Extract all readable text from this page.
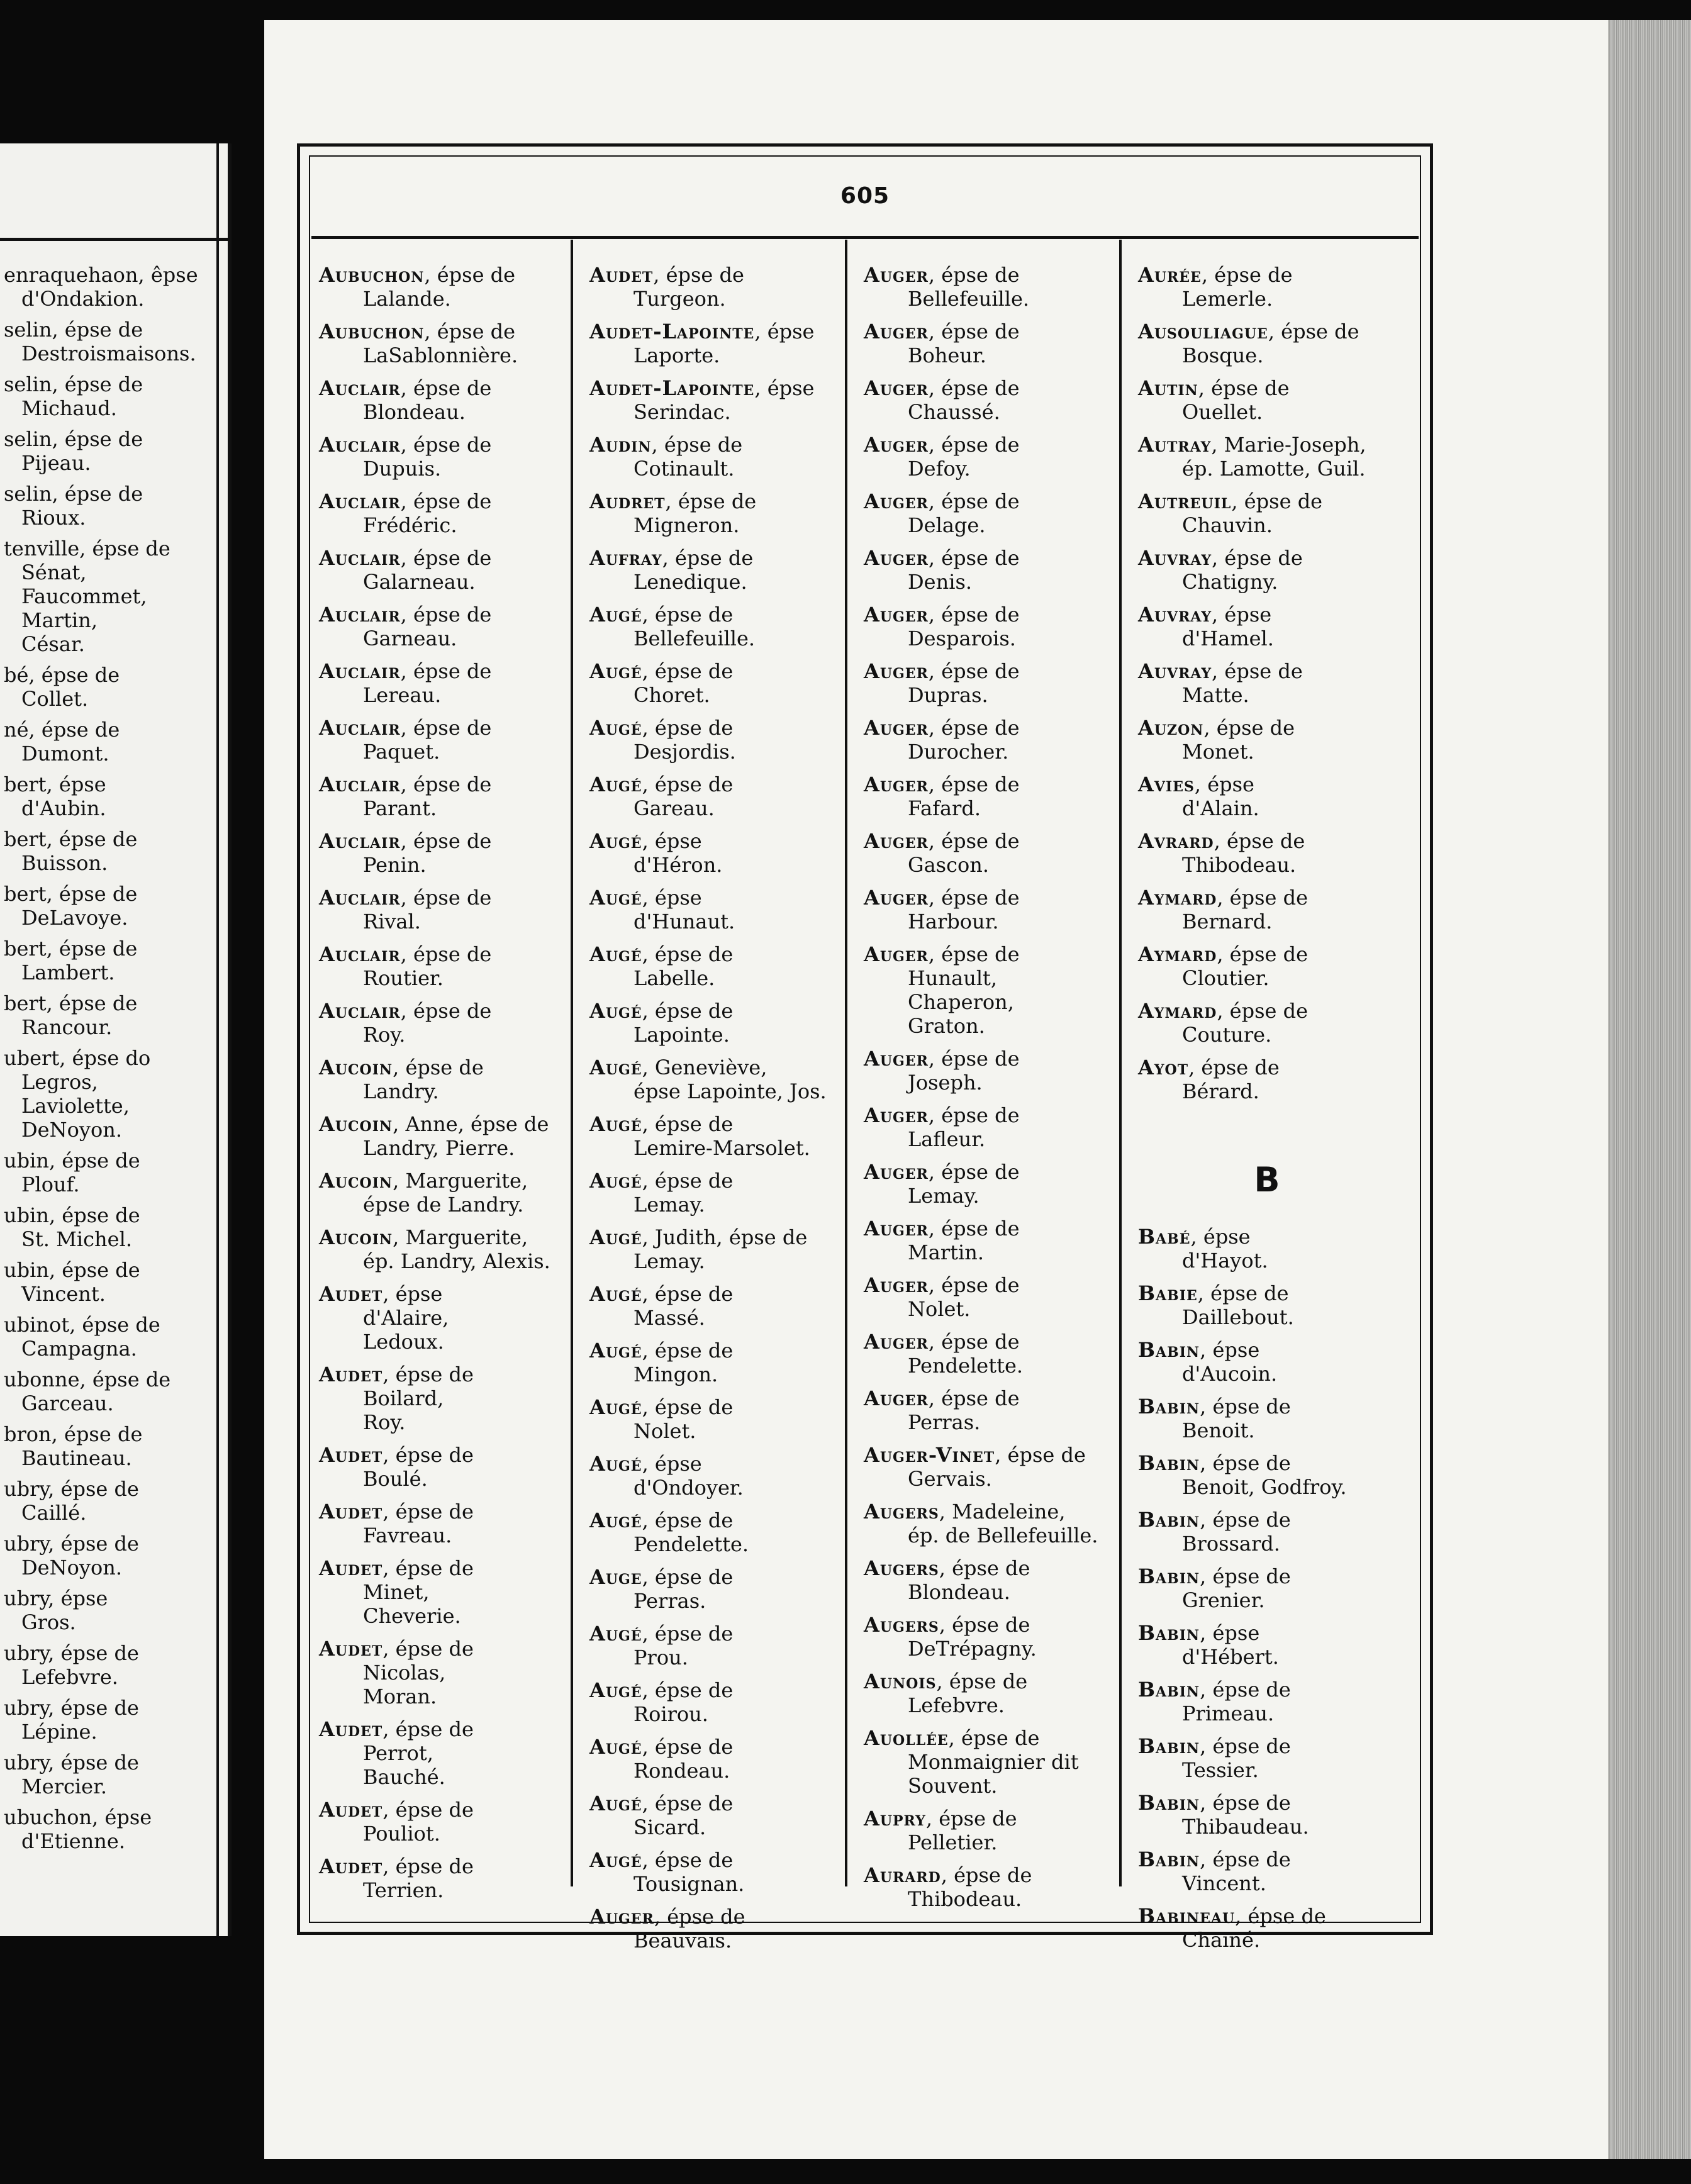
enraquehaon, êpse
d'Ondakion.
selin, épse de
Destroismaisons.
selin, épse de
Michaud.
selin, épse de
Pijeau.
selin, épse de
Rioux.
tenville, épse de
Sénat,
Faucommet,
Martin,
César.
bé, épse de
Collet.
né, épse de
Dumont.
bert, épse
d'Aubin.
bert, épse de
Buisson.
bert, épse de
DeLavoye.
bert, épse de
Lambert.
bert, épse de
Rancour.
ubert, épse do
Legros,
Laviolette,
DeNoyon.
ubin, épse de
Plouf.
ubin, épse de
St. Michel.
ubin, épse de
Vincent.
ubinot, épse de
Campagna.
ubonne, épse de
Garceau.
bron, épse de
Bautineau.
ubry, épse de
Caillé.
ubry, épse de
DeNoyon.
ubry, épse
Gros.
ubry, épse de
Lefebvre.
ubry, épse de
Lépine.
ubry, épse de
Mercier.
ubuchon, épse
d'Etienne.
605
Aubuchon, épse de
Lalande.
Aubuchon, épse de
LaSablonnière.
Auclair, épse de
Blondeau.
Auclair, épse de
Dupuis.
Auclair, épse de
Frédéric.
Auclair, épse de
Galarneau.
Auclair, épse de
Garneau.
Auclair, épse de
Lereau.
Auclair, épse de
Paquet.
Auclair, épse de
Parant.
Auclair, épse de
Penin.
Auclair, épse de
Rival.
Auclair, épse de
Routier.
Auclair, épse de
Roy.
Aucoin, épse de
Landry.
Aucoin, Anne, épse de
Landry, Pierre.
Aucoin, Marguerite,
épse de Landry.
Aucoin, Marguerite,
ép. Landry, Alexis.
Audet, épse
d'Alaire,
Ledoux.
Audet, épse de
Boilard,
Roy.
Audet, épse de
Boulé.
Audet, épse de
Favreau.
Audet, épse de
Minet,
Cheverie.
Audet, épse de
Nicolas,
Moran.
Audet, épse de
Perrot,
Bauché.
Audet, épse de
Pouliot.
Audet, épse de
Terrien.
Audet, épse de
Turgeon.
Audet-Lapointe, épse
Laporte.
Audet-Lapointe, épse
Serindac.
Audin, épse de
Cotinault.
Audret, épse de
Migneron.
Aufray, épse de
Lenedique.
Augé, épse de
Bellefeuille.
Augé, épse de
Choret.
Augé, épse de
Desjordis.
Augé, épse de
Gareau.
Augé, épse
d'Héron.
Augé, épse
d'Hunaut.
Augé, épse de
Labelle.
Augé, épse de
Lapointe.
Augé, Geneviève,
épse Lapointe, Jos.
Augé, épse de
Lemire-Marsolet.
Augé, épse de
Lemay.
Augé, Judith, épse de
Lemay.
Augé, épse de
Massé.
Augé, épse de
Mingon.
Augé, épse de
Nolet.
Augé, épse
d'Ondoyer.
Augé, épse de
Pendelette.
Auge, épse de
Perras.
Augé, épse de
Prou.
Augé, épse de
Roirou.
Augé, épse de
Rondeau.
Augé, épse de
Sicard.
Augé, épse de
Tousignan.
Auger, épse de
Beauvais.
Auger, épse de
Bellefeuille.
Auger, épse de
Boheur.
Auger, épse de
Chaussé.
Auger, épse de
Defoy.
Auger, épse de
Delage.
Auger, épse de
Denis.
Auger, épse de
Desparois.
Auger, épse de
Dupras.
Auger, épse de
Durocher.
Auger, épse de
Fafard.
Auger, épse de
Gascon.
Auger, épse de
Harbour.
Auger, épse de
Hunault,
Chaperon,
Graton.
Auger, épse de
Joseph.
Auger, épse de
Lafleur.
Auger, épse de
Lemay.
Auger, épse de
Martin.
Auger, épse de
Nolet.
Auger, épse de
Pendelette.
Auger, épse de
Perras.
Auger-Vinet, épse de
Gervais.
Augers, Madeleine,
ép. de Bellefeuille.
Augers, épse de
Blondeau.
Augers, épse de
DeTrépagny.
Aunois, épse de
Lefebvre.
Auollée, épse de
Monmaignier dit
Souvent.
Aupry, épse de
Pelletier.
Aurard, épse de
Thibodeau.
Aurée, épse de
Lemerle.
Ausouliague, épse de
Bosque.
Autin, épse de
Ouellet.
Autray, Marie-Joseph,
ép. Lamotte, Guil.
Autreuil, épse de
Chauvin.
Auvray, épse de
Chatigny.
Auvray, épse
d'Hamel.
Auvray, épse de
Matte.
Auzon, épse de
Monet.
Avies, épse
d'Alain.
Avrard, épse de
Thibodeau.
Aymard, épse de
Bernard.
Aymard, épse de
Cloutier.
Aymard, épse de
Couture.
Ayot, épse de
Bérard.
B
Babé, épse
d'Hayot.
Babie, épse de
Daillebout.
Babin, épse
d'Aucoin.
Babin, épse de
Benoit.
Babin, épse de
Benoit, Godfroy.
Babin, épse de
Brossard.
Babin, épse de
Grenier.
Babin, épse
d'Hébert.
Babin, épse de
Primeau.
Babin, épse de
Tessier.
Babin, épse de
Thibaudeau.
Babin, épse de
Vincent.
Babineau, épse de
Chainé.
